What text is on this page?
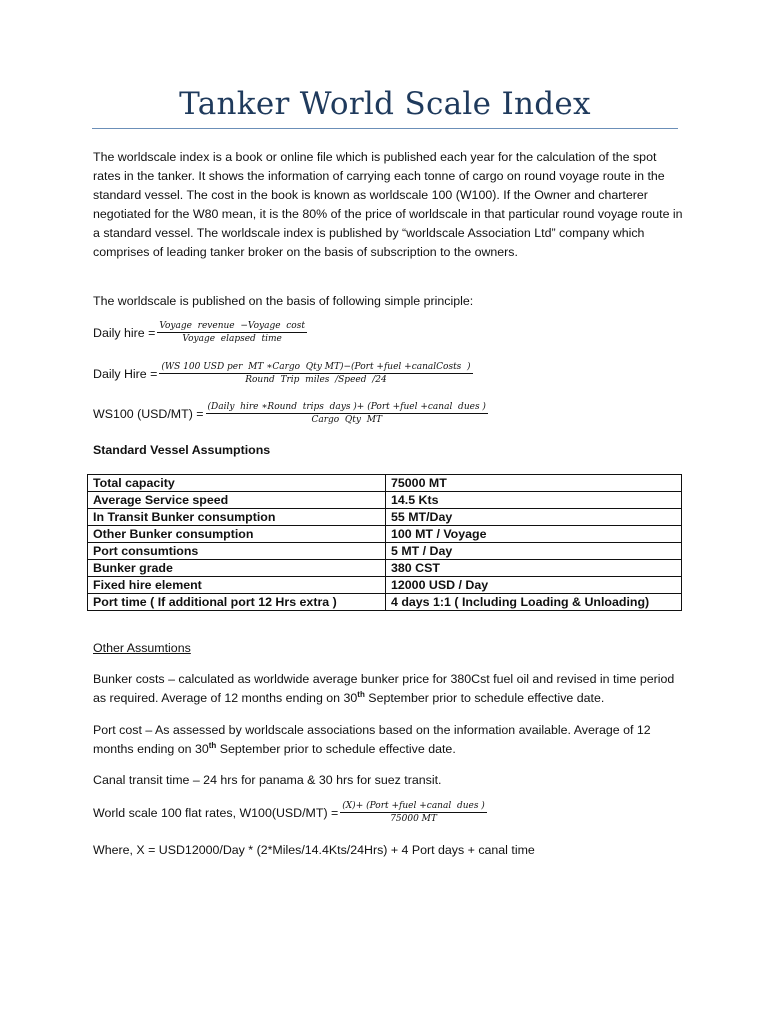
Tanker World Scale Index
The worldscale index is a book or online file which is published each year for the calculation of the spot rates in the tanker. It shows the information of carrying each tonne of cargo on round voyage route in the standard vessel. The cost in the book is known as worldscale 100 (W100). If the Owner and charterer negotiated for the W80 mean, it is the 80% of the price of worldscale in that particular round voyage route in a standard vessel. The worldscale index is published by “worldscale Association Ltd” company which comprises of leading tanker broker on the basis of subscription to the owners.
The worldscale is published on the basis of following simple principle:
Daily hire = $\frac{\text{Voyage  revenue  −Voyage  cost}}{\text{Voyage  elapsed  time}}$
Daily Hire = (WS 100 USD per  MT ∗Cargo  Qty MT)−(Port +fuel +canalCosts  )
Round  Trip  miles  /Speed  /24
WS100 (USD/MT) = (Daily  hire ∗Round  trips  days )+ (Port +fuel +canal  dues )
Cargo  Qty  MT
Standard Vessel Assumptions
Total capacity	75000 MT
Average Service speed	14.5 Kts
In Transit Bunker consumption	55 MT/Day
Other Bunker consumption	100 MT / Voyage
Port consumtions	5 MT / Day
Bunker grade	380 CST
Fixed hire element	12000 USD / Day
Port time ( If additional port 12 Hrs extra )	4 days 1:1 ( Including Loading & Unloading)
Other Assumtions
Bunker costs – calculated as worldwide average bunker price for 380Cst fuel oil and revised in time period as required. Average of 12 months ending on 30th September prior to schedule effective date.
Port cost – As assessed by worldscale associations based on the information available. Average of 12 months ending on 30th September prior to schedule effective date.
Canal transit time – 24 hrs for panama & 30 hrs for suez transit.
World scale 100 flat rates, $W100(USD/MT) = \frac{\text{(X)+ (Port +fuel +canal  dues )}}{75000 MT}$
Where, X = USD12000/Day * (2*Miles/14.4Kts/24Hrs) + 4 Port days + canal time
